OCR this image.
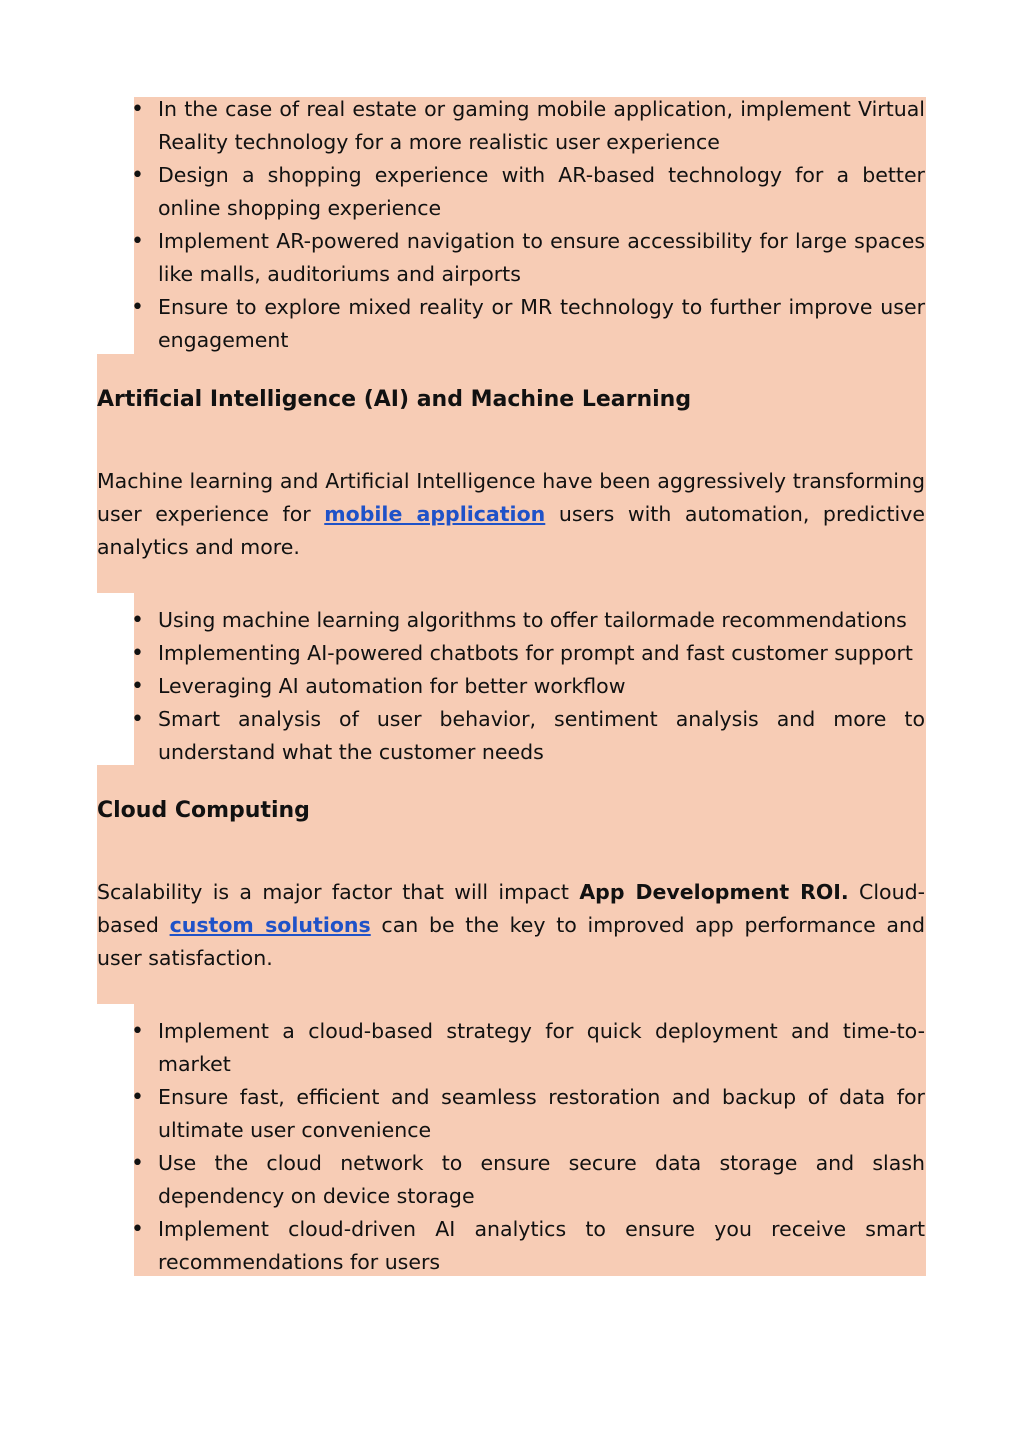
• In the case of real estate or gaming mobile application, implement Virtual Reality technology for a more realistic user experience
• Design a shopping experience with AR-based technology for a better online shopping experience
• Implement AR-powered navigation to ensure accessibility for large spaces like malls, auditoriums and airports
• Ensure to explore mixed reality or MR technology to further improve user engagement
Artificial Intelligence (AI) and Machine Learning

Machine learning and Artificial Intelligence have been aggressively transforming user experience for mobile application users with automation, predictive analytics and more.

• Using machine learning algorithms to offer tailormade recommendations
• Implementing AI-powered chatbots for prompt and fast customer support
• Leveraging AI automation for better workflow
• Smart analysis of user behavior, sentiment analysis and more to understand what the customer needs
Cloud Computing

Scalability is a major factor that will impact App Development ROI. Cloud-based custom solutions can be the key to improved app performance and user satisfaction.

• Implement a cloud-based strategy for quick deployment and time-to-market
• Ensure fast, efficient and seamless restoration and backup of data for ultimate user convenience
• Use the cloud network to ensure secure data storage and slash dependency on device storage
• Implement cloud-driven AI analytics to ensure you receive smart recommendations for users
